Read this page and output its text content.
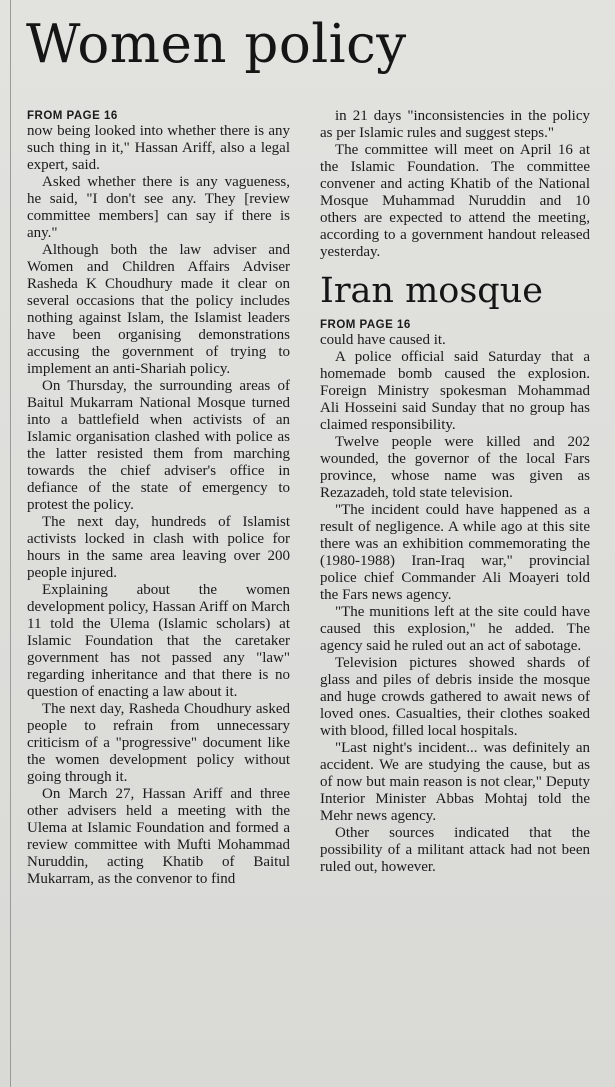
Women policy

FROM PAGE 16

now being looked into whether there is any such thing in it," Hassan Ariff, also a legal expert, said.

Asked whether there is any vagueness, he said, "I don't see any. They [review committee members] can say if there is any."

Although both the law adviser and Women and Children Affairs Adviser Rasheda K Choudhury made it clear on several occasions that the policy includes nothing against Islam, the Islamist leaders have been organising demonstrations accusing the government of trying to implement an anti-Shariah policy.

On Thursday, the surrounding areas of Baitul Mukarram National Mosque turned into a battlefield when activists of an Islamic organisation clashed with police as the latter resisted them from marching towards the chief adviser's office in defiance of the state of emergency to protest the policy.

The next day, hundreds of Islamist activists locked in clash with police for hours in the same area leaving over 200 people injured.

Explaining about the women development policy, Hassan Ariff on March 11 told the Ulema (Islamic scholars) at Islamic Foundation that the caretaker government has not passed any "law" regarding inheritance and that there is no question of enacting a law about it.

The next day, Rasheda Choudhury asked people to refrain from unnecessary criticism of a "progressive" document like the women development policy without going through it.

On March 27, Hassan Ariff and three other advisers held a meeting with the Ulema at Islamic Foundation and formed a review committee with Mufti Mohammad Nuruddin, acting Khatib of Baitul Mukarram, as the convenor to find

in 21 days "inconsistencies in the policy as per Islamic rules and suggest steps."

The committee will meet on April 16 at the Islamic Foundation. The committee convener and acting Khatib of the National Mosque Muhammad Nuruddin and 10 others are expected to attend the meeting, according to a government handout released yesterday.

Iran mosque

FROM PAGE 16

could have caused it.

A police official said Saturday that a homemade bomb caused the explosion. Foreign Ministry spokesman Mohammad Ali Hosseini said Sunday that no group has claimed responsibility.

Twelve people were killed and 202 wounded, the governor of the local Fars province, whose name was given as Rezazadeh, told state television.

"The incident could have happened as a result of negligence. A while ago at this site there was an exhibition commemorating the (1980-1988) Iran-Iraq war," provincial police chief Commander Ali Moayeri told the Fars news agency.

"The munitions left at the site could have caused this explosion," he added. The agency said he ruled out an act of sabotage.

Television pictures showed shards of glass and piles of debris inside the mosque and huge crowds gathered to await news of loved ones. Casualties, their clothes soaked with blood, filled local hospitals.

"Last night's incident... was definitely an accident. We are studying the cause, but as of now but main reason is not clear," Deputy Interior Minister Abbas Mohtaj told the Mehr news agency.

Other sources indicated that the possibility of a militant attack had not been ruled out, however.
